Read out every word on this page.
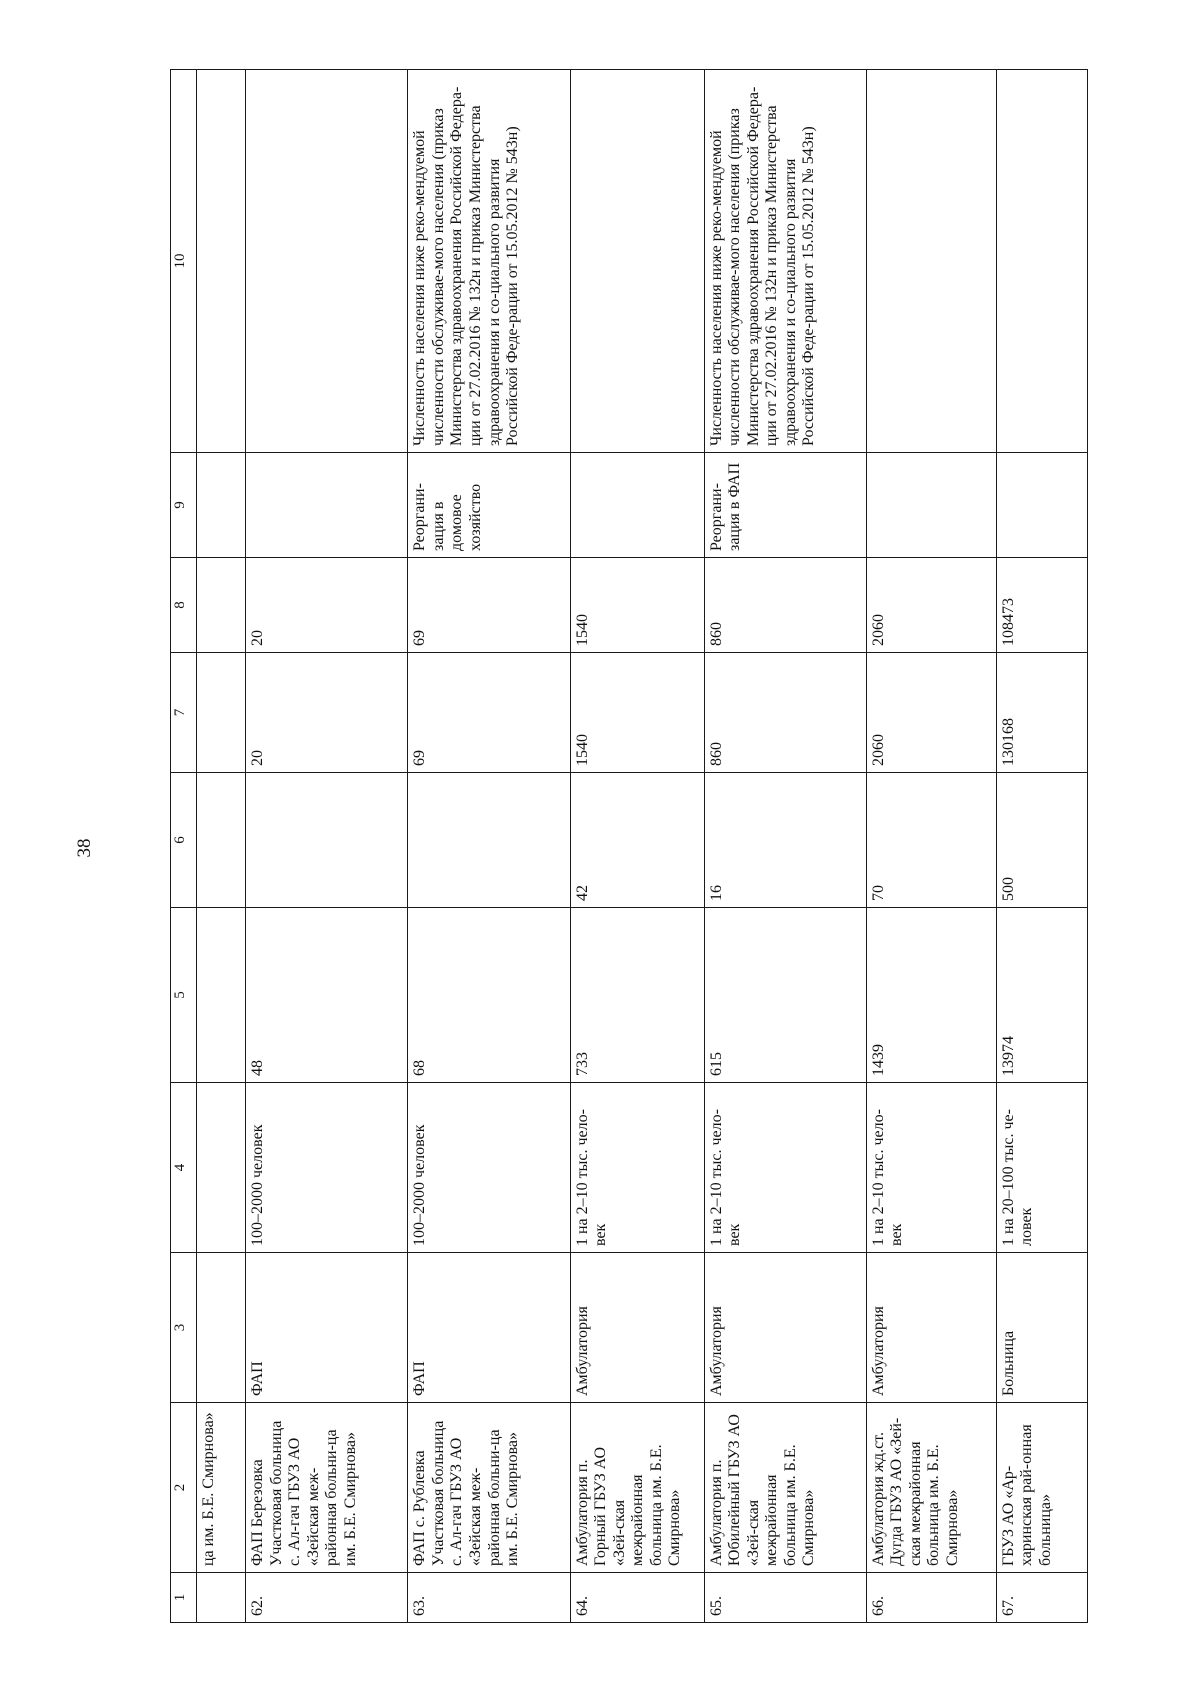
38
1	2	3	4	5	6	7	8	9	10
	ца им. Б.Е. Смирнова»								
62.	ФАП Березовка Участковая больница с. Ал-гач ГБУЗ АО «Зейская меж-районная больни-ца им. Б.Е. Смирнова»	ФАП	100–2000 человек	48		20	20		
63.	ФАП с. Рублевка Участковая больница с. Ал-гач ГБУЗ АО «Зейская меж-районная больни-ца им. Б.Е. Смирнова»	ФАП	100–2000 человек	68		69	69	Реоргани-зация в домовое хозяйство	Численность населения ниже реко-мендуемой численности обслуживае-мого населения (приказ Министерства здравоохранения Российской Федера-ции от 27.02.2016 № 132н и приказ Министерства здравоохранения и со-циального развития Российской Феде-рации от 15.05.2012 № 543н)
64.	Амбулатория п. Горный ГБУЗ АО «Зей-ская межрайонная больница им. Б.Е. Смирнова»	Амбулатория	1 на 2–10 тыс. чело-век	733	42	1540	1540		
65.	Амбулатория п. Юбилейный ГБУЗ АО «Зей-ская межрайонная больница им. Б.Е. Смирнова»	Амбулатория	1 на 2–10 тыс. чело-век	615	16	860	860	Реоргани-зация в ФАП	Численность населения ниже реко-мендуемой численности обслуживае-мого населения (приказ Министерства здравоохранения Российской Федера-ции от 27.02.2016 № 132н и приказ Министерства здравоохранения и со-циального развития Российской Феде-рации от 15.05.2012 № 543н)
66.	Амбулатория жд.ст. Дугда ГБУЗ АО «Зей-ская межрайонная больница им. Б.Е. Смирнова»	Амбулатория	1 на 2–10 тыс. чело-век	1439	70	2060	2060		
67.	ГБУЗ АО «Ар-харинская рай-онная больница»	Больница	1 на 20–100 тыс. че-ловек	13974	500	130168	108473		
